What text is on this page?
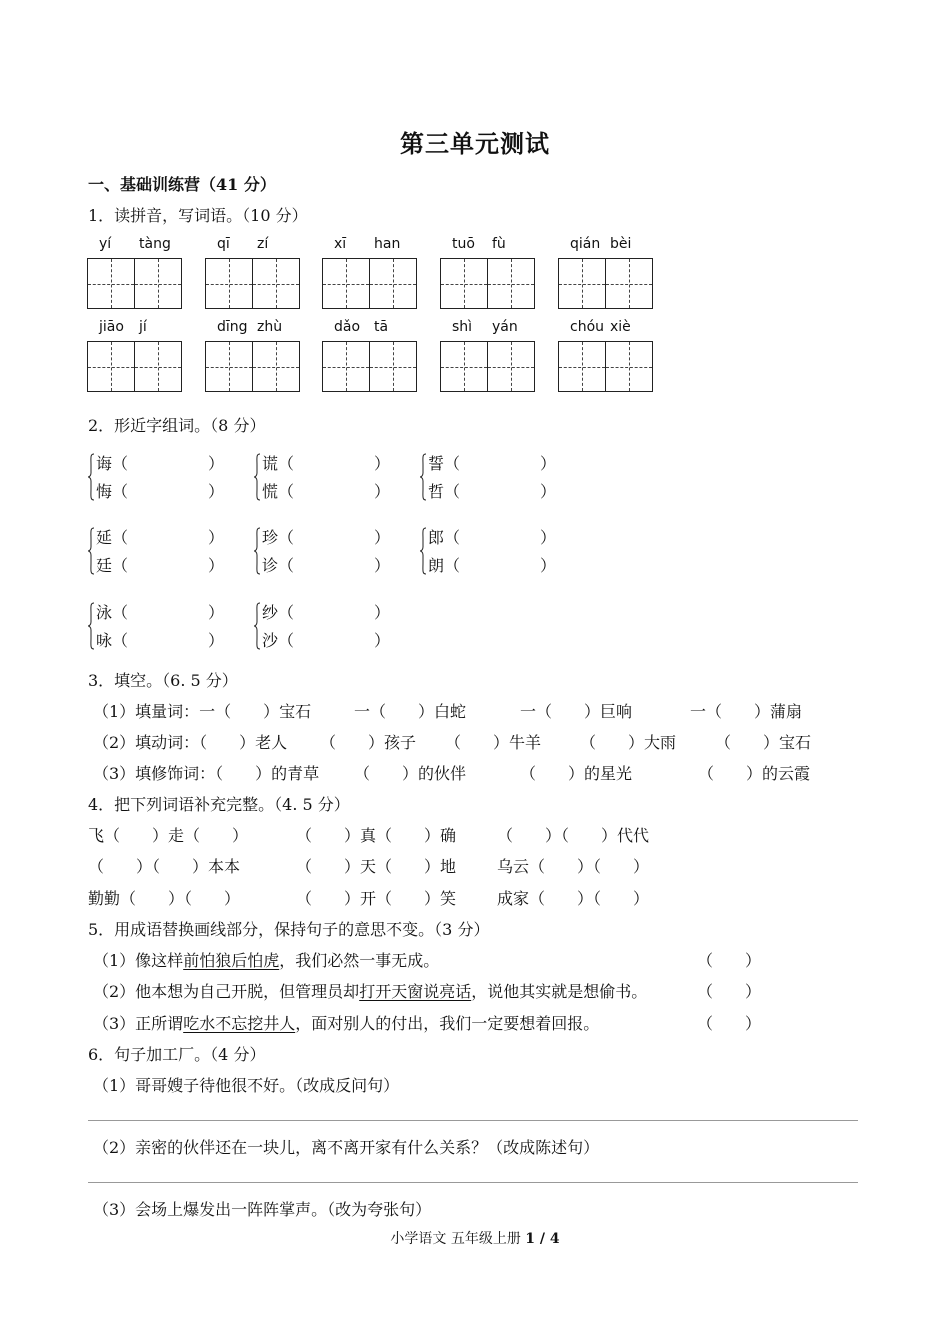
第三单元测试
一、基础训练营（41 分）
1．读拼音，写词语。（10 分）
yí tàng	qī zí	xī han	tuō fù	qián bèi
jiāo jí	dīng zhù	dǎo tā	shì yán	chóu xiè
2．形近字组词。（8 分）
诲（　　　　　）
悔（　　　　　）
谎（　　　　　）
慌（　　　　　）
誓（　　　　　）
哲（　　　　　）
延（　　　　　）
廷（　　　　　）
珍（　　　　　）
诊（　　　　　）
郎（　　　　　）
朗（　　　　　）
泳（　　　　　）
咏（　　　　　）
纱（　　　　　）
沙（　　　　　）
3．填空。（6. 5 分）
（1）填量词：一（　　）宝石	一（　　）白蛇	一（　　）巨响	一（　　）蒲扇
（2）填动词：（　　）老人 （　　）孩子 （　　）牛羊 （　　）大雨 （　　）宝石
（3）填修饰词：（　　）的青草 （　　）的伙伴	（　　）的星光	（　　）的云霞
4．把下列词语补充完整。（4. 5 分）
飞（　　）走（　　）	（　　）真（　　）确	（　　）（　　）代代
（　　）（　　）本本	（　　）天（　　）地	乌云（　　）（　　）
勤勤（　　）（　　）	（　　）开（　　）笑	成家（　　）（　　）
5．用成语替换画线部分，保持句子的意思不变。（3 分）
（1）像这样前怕狼后怕虎，我们必然一事无成。	（　　）
（2）他本想为自己开脱，但管理员却打开天窗说亮话，说他其实就是想偷书。	（　　）
（3）正所谓吃水不忘挖井人，面对别人的付出，我们一定要想着回报。	（　　）
6．句子加工厂。（4 分）
（1）哥哥嫂子待他很不好。（改成反问句）
（2）亲密的伙伴还在一块儿，离不离开家有什么关系？（改成陈述句）
（3）会场上爆发出一阵阵掌声。（改为夸张句）
小学语文 五年级上册 1 / 4
